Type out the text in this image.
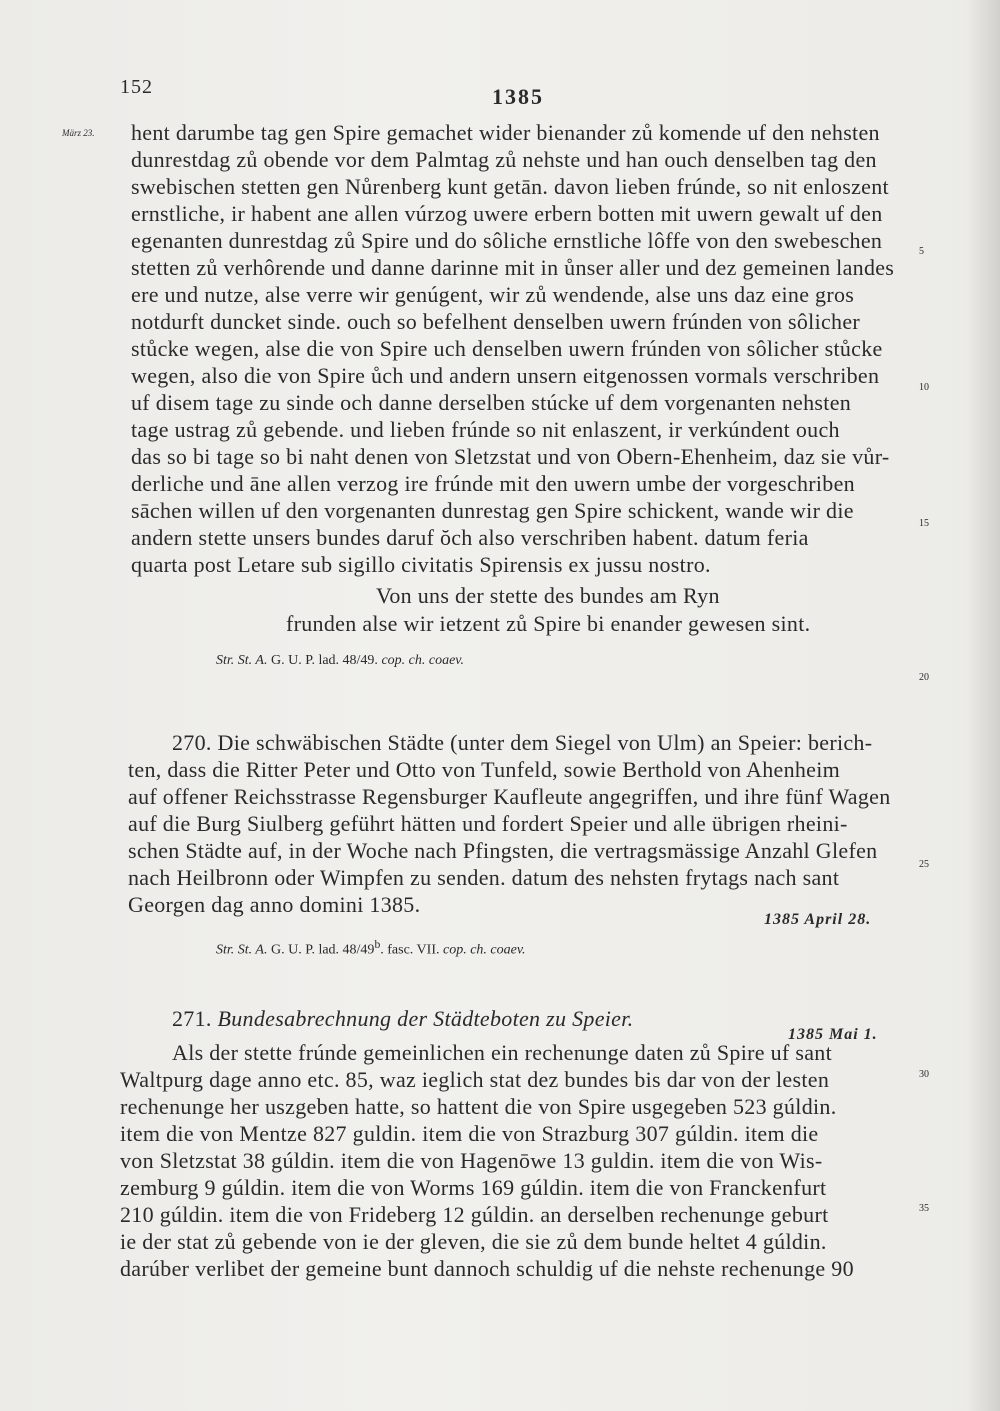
152	1385
März 23. hent darumbe tag gen Spire gemachet wider bienander zů komende uf den nehsten
dunrestdag zů obende vor dem Palmtag zů nehste und han ouch denselben tag den
swebischen stetten gen Nůrenberg kunt getān. davon lieben frúnde, so nit enloszent
ernstliche, ir habent ane allen vúrzog uwere erbern botten mit uwern gewalt uf den
egenanten dunrestdag zů Spire und do sôliche ernstliche lôffe von den swebeschen
stetten zů verhôrende und danne darinne mit in ůnser aller und dez gemeinen landes
ere und nutze, alse verre wir genúgent, wir zů wendende, alse uns daz eine gros
notdurft duncket sinde. ouch so befelhent denselben uwern frúnden von sôlicher
stůcke wegen, alse die von Spire uch denselben uwern frúnden von sôlicher stůcke
wegen, also die von Spire ůch und andern unsern eitgenossen vormals verschriben
uf disem tage zu sinde och danne derselben stúcke uf dem vorgenanten nehsten
tage ustrag zů gebende. und lieben frúnde so nit enlaszent, ir verkúndent ouch
das so bi tage so bi naht denen von Sletzstat und von Obern-Ehenheim, daz sie vůr-
derliche und āne allen verzog ire frúnde mit den uwern umbe der vorgeschriben
sāchen willen uf den vorgenanten dunrestag gen Spire schickent, wande wir die
andern stette unsers bundes daruf ŏch also verschriben habent. datum feria
quarta post Letare sub sigillo civitatis Spirensis ex jussu nostro.
Von uns der stette des bundes am Ryn
frunden alse wir ietzent zů Spire bi enander gewesen sint.
Str. St. A. G. U. P. lad. 48/49. cop. ch. coaev.
270. Die schwäbischen Städte (unter dem Siegel von Ulm) an Speier: berich-
ten, dass die Ritter Peter und Otto von Tunfeld, sowie Berthold von Ahenheim
auf offener Reichsstrasse Regensburger Kaufleute angegriffen, und ihre fünf Wagen
auf die Burg Siulberg geführt hätten und fordert Speier und alle übrigen rheini-
schen Städte auf, in der Woche nach Pfingsten, die vertragsmässige Anzahl Glefen
nach Heilbronn oder Wimpfen zu senden. datum des nehsten frytags nach sant
Georgen dag anno domini 1385.
1385 April 28.
Str. St. A. G. U. P. lad. 48/49$^b$. fasc. VII. cop. ch. coaev.
271. Bundesabrechnung der Städteboten zu Speier.
1385 Mai 1.
Als der stette frúnde gemeinlichen ein rechenunge daten zů Spire uf sant
Waltpurg dage anno etc. 85, waz ieglich stat dez bundes bis dar von der lesten
rechenunge her uszgeben hatte, so hattent die von Spire usgegeben 523 gúldin.
item die von Mentze 827 guldin. item die von Strazburg 307 gúldin. item die
von Sletzstat 38 gúldin. item die von Hagenōwe 13 guldin. item die von Wis-
zemburg 9 gúldin. item die von Worms 169 gúldin. item die von Franckenfurt
210 gúldin. item die von Frideberg 12 gúldin. an derselben rechenunge geburt
ie der stat zů gebende von ie der gleven, die sie zů dem bunde heltet 4 gúldin.
darúber verlibet der gemeine bunt dannoch schuldig uf die nehste rechenunge 90
5
10
15
20
25
30
35
